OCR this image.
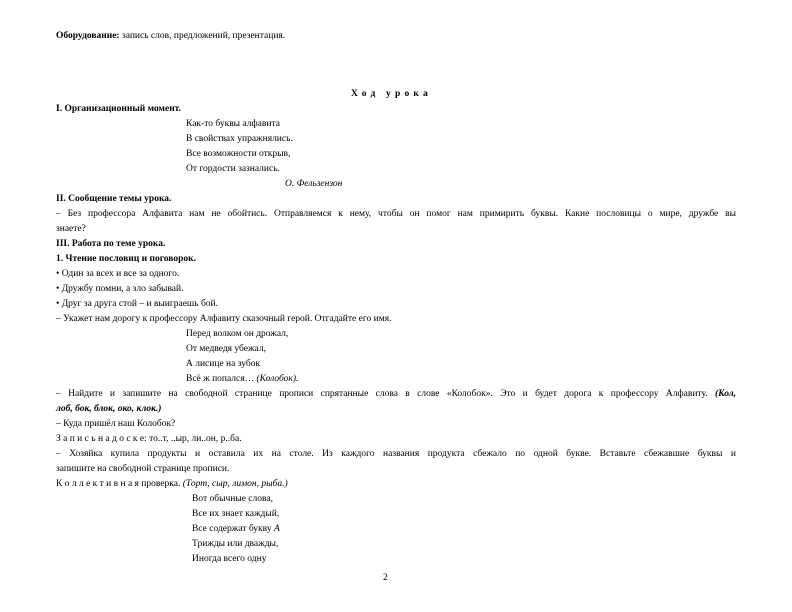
Оборудование: запись слов, предложений, презентация.
Ход урока
I. Организационный момент.
Как-то буквы алфавита
В свойствах упражнялись.
Все возможности открыв,
От гордости зазнались.
О. Фельзензон
II. Сообщение темы урока.
– Без профессора Алфавита нам не обойтись. Отправляемся к нему, чтобы он помог нам примирить буквы. Какие пословицы о мире, дружбе вы
знаете?
III. Работа по теме урока.
1. Чтение пословиц и поговорок.
• Один за всех и все за одного.
• Дружбу помни, а зло забывай.
• Друг за друга стой – и выиграешь бой.
– Укажет нам дорогу к профессору Алфавиту сказочный герой. Отгадайте его имя.
Перед волком он дрожал,
От медведя убежал,
А лисице на зубок
Всё ж попался… (Колобок).
– Найдите и запишите на свободной странице прописи спрятанные слова в слове «Колобок». Это и будет дорога к профессору Алфавиту. (Кол,
лоб, бок, блок, око, клок.)
– Куда пришёл наш Колобок?
З а п и с ь н а д о с к е: то..т, ..ыр, ли..он, р..ба.
– Хозяйка купила продукты и оставила их на столе. Из каждого названия продукта сбежало по одной букве. Вставьте сбежавшие буквы и
запишите на свободной странице прописи.
К о л л е к т и в н а я проверка. (Торт, сыр, лимон, рыба.)
Вот обычные слова,
Все их знает каждый,
Все содержат букву А
Трижды или дважды,
Иногда всего одну
2
